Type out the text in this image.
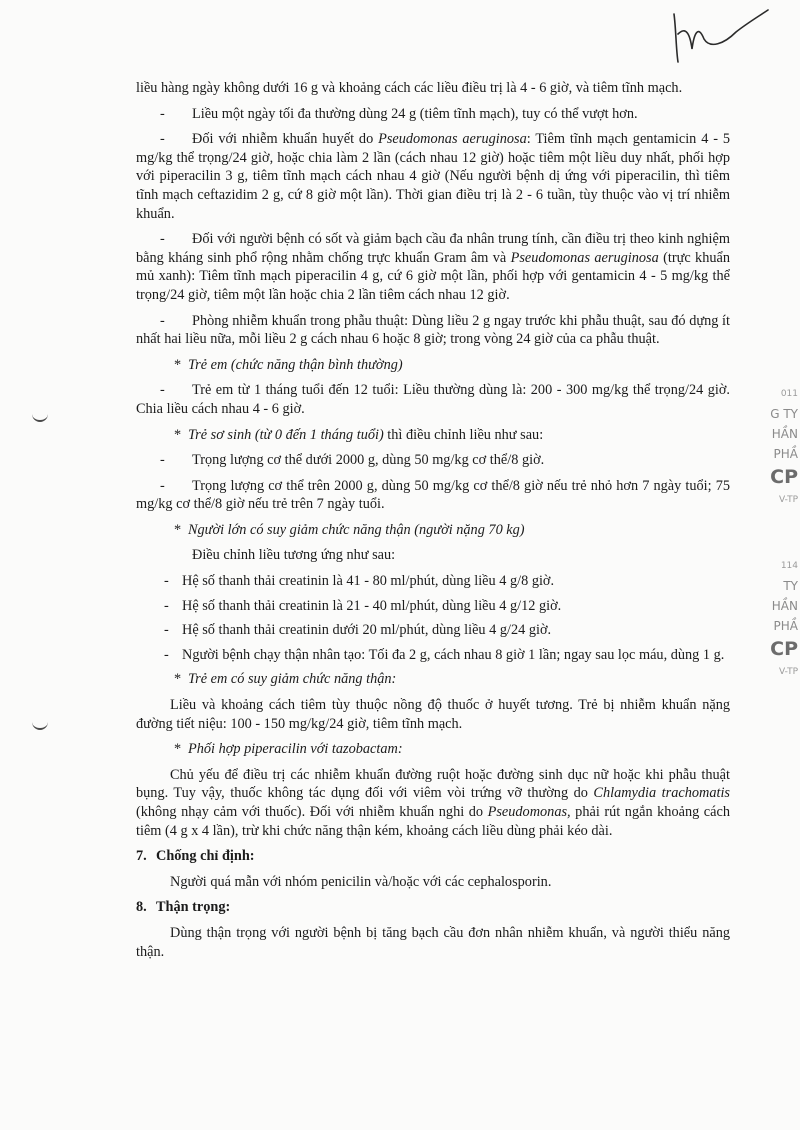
011
G TY
HẦN
PHẦ
CP
V-TP
114
TY
HẦN
PHẦ
CP
V-TP

liều hàng ngày không dưới 16 g và khoảng cách các liều điều trị là 4 - 6 giờ, và tiêm tĩnh mạch.

- Liều một ngày tối đa thường dùng 24 g (tiêm tĩnh mạch), tuy có thể vượt hơn.

- Đối với nhiễm khuẩn huyết do Pseudomonas aeruginosa: Tiêm tĩnh mạch gentamicin 4 - 5 mg/kg thể trọng/24 giờ, hoặc chia làm 2 lần (cách nhau 12 giờ) hoặc tiêm một liều duy nhất, phối hợp với piperacilin 3 g, tiêm tĩnh mạch cách nhau 4 giờ (Nếu người bệnh dị ứng với piperacilin, thì tiêm tĩnh mạch ceftazidim 2 g, cứ 8 giờ một lần). Thời gian điều trị là 2 - 6 tuần, tùy thuộc vào vị trí nhiễm khuẩn.

- Đối với người bệnh có sốt và giảm bạch cầu đa nhân trung tính, cần điều trị theo kinh nghiệm bằng kháng sinh phổ rộng nhằm chống trực khuẩn Gram âm và Pseudomonas aeruginosa (trực khuẩn mủ xanh): Tiêm tĩnh mạch piperacilin 4 g, cứ 6 giờ một lần, phối hợp với gentamicin 4 - 5 mg/kg thể trọng/24 giờ, tiêm một lần hoặc chia 2 lần tiêm cách nhau 12 giờ.

- Phòng nhiễm khuẩn trong phẫu thuật: Dùng liều 2 g ngay trước khi phẫu thuật, sau đó dựng ít nhất hai liều nữa, mỗi liều 2 g cách nhau 6 hoặc 8 giờ; trong vòng 24 giờ của ca phẫu thuật.

* Trẻ em (chức năng thận bình thường)

- Trẻ em từ 1 tháng tuổi đến 12 tuổi: Liều thường dùng là: 200 - 300 mg/kg thể trọng/24 giờ. Chia liều cách nhau 4 - 6 giờ.

* Trẻ sơ sinh (từ 0 đến 1 tháng tuổi) thì điều chỉnh liều như sau:

- Trọng lượng cơ thể dưới 2000 g, dùng 50 mg/kg cơ thể/8 giờ.

- Trọng lượng cơ thể trên 2000 g, dùng 50 mg/kg cơ thể/8 giờ nếu trẻ nhỏ hơn 7 ngày tuổi; 75 mg/kg cơ thể/8 giờ nếu trẻ trên 7 ngày tuổi.

* Người lớn có suy giảm chức năng thận (người nặng 70 kg)

Điều chỉnh liều tương ứng như sau:

- Hệ số thanh thải creatinin là 41 - 80 ml/phút, dùng liều 4 g/8 giờ.

- Hệ số thanh thải creatinin là 21 - 40 ml/phút, dùng liều 4 g/12 giờ.

- Hệ số thanh thải creatinin dưới 20 ml/phút, dùng liều 4 g/24 giờ.

- Người bệnh chạy thận nhân tạo: Tối đa 2 g, cách nhau 8 giờ 1 lần; ngay sau lọc máu, dùng 1 g.

* Trẻ em có suy giảm chức năng thận:

Liều và khoảng cách tiêm tùy thuộc nồng độ thuốc ở huyết tương. Trẻ bị nhiễm khuẩn nặng đường tiết niệu: 100 - 150 mg/kg/24 giờ, tiêm tĩnh mạch.

* Phối hợp piperacilin với tazobactam:

Chủ yếu để điều trị các nhiễm khuẩn đường ruột hoặc đường sinh dục nữ hoặc khi phẫu thuật bụng. Tuy vậy, thuốc không tác dụng đối với viêm vòi trứng vỡ thường do Chlamydia trachomatis (không nhạy cảm với thuốc). Đối với nhiễm khuẩn nghi do Pseudomonas, phải rút ngắn khoảng cách tiêm (4 g x 4 lần), trừ khi chức năng thận kém, khoảng cách liều dùng phải kéo dài.

7. Chống chỉ định:

Người quá mẫn với nhóm penicilin và/hoặc với các cephalosporin.

8. Thận trọng:

Dùng thận trọng với người bệnh bị tăng bạch cầu đơn nhân nhiễm khuẩn, và người thiểu năng thận.
